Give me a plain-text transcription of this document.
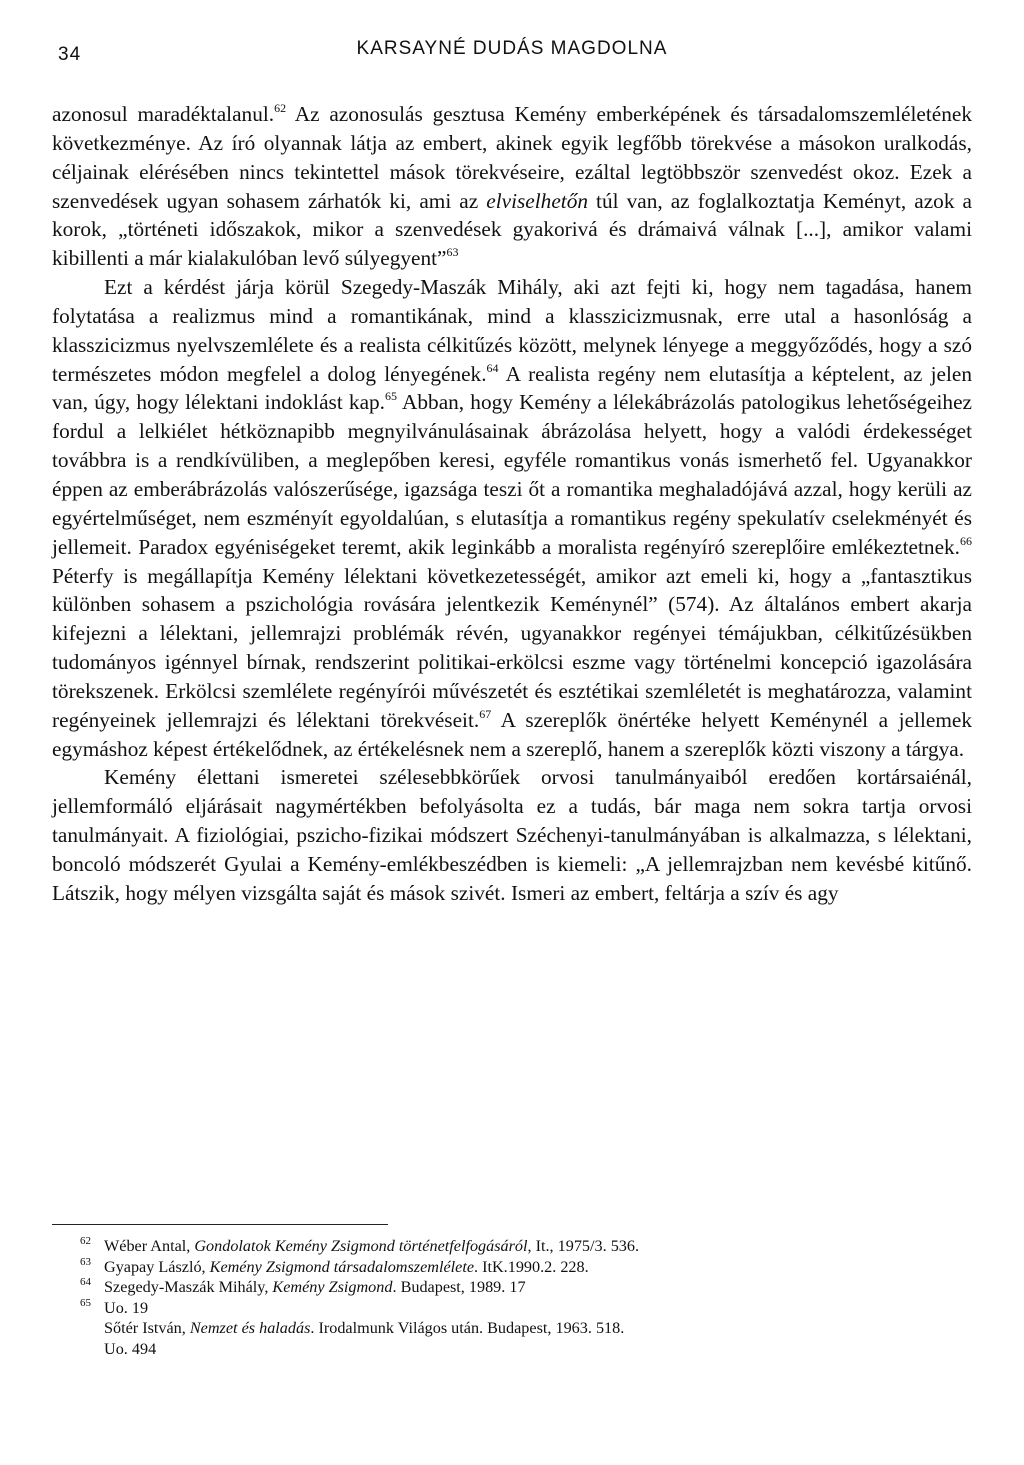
34	KARSAYNÉ DUDÁS MAGDOLNA

azonosul maradéktalanul.$^{62}$ Az azonosulás gesztusa Kemény emberképének és társadalomszemléletének következménye. Az író olyannak látja az embert, akinek egyik legfőbb törekvése a másokon uralkodás, céljainak elérésében nincs tekintettel mások törekvéseire, ezáltal legtöbbször szenvedést okoz. Ezek a szenvedések ugyan sohasem zárhatók ki, ami az elviselhetőn túl van, az foglalkoztatja Keményt, azok a korok, „történeti időszakok, mikor a szenvedések gyakorivá és drámaivá válnak [...], amikor valami kibillenti a már kialakulóban levő súlyegyent”$^{63}$

Ezt a kérdést járja körül Szegedy-Maszák Mihály, aki azt fejti ki, hogy nem tagadása, hanem folytatása a realizmus mind a romantikának, mind a klasszicizmusnak, erre utal a hasonlóság a klasszicizmus nyelvszemlélete és a realista célkitűzés között, melynek lényege a meggyőződés, hogy a szó természetes módon megfelel a dolog lényegének.$^{64}$ A realista regény nem elutasítja a képtelent, az jelen van, úgy, hogy lélektani indoklást kap.$^{65}$ Abban, hogy Kemény a lélekábrázolás patologikus lehetőségeihez fordul a lelkiélet hétköznapibb megnyilvánulásainak ábrázolása helyett, hogy a valódi érdekességet továbbra is a rendkívüliben, a meglepőben keresi, egyféle romantikus vonás ismerhető fel. Ugyanakkor éppen az emberábrázolás valószerűsége, igazsága teszi őt a romantika meghaladójává azzal, hogy kerüli az egyértelműséget, nem eszményít egyoldalúan, s elutasítja a romantikus regény spekulatív cselekményét és jellemeit. Paradox egyéniségeket teremt, akik leginkább a moralista regényíró szereplőire emlékeztetnek.$^{66}$ Péterfy is megállapítja Kemény lélektani következetességét, amikor azt emeli ki, hogy a „fantasztikus különben sohasem a pszichológia rovására jelentkezik Keménynél” (574). Az általános embert akarja kifejezni a lélektani, jellemrajzi problémák révén, ugyanakkor regényei témájukban, célkitűzésükben tudományos igénnyel bírnak, rendszerint politikai-erkölcsi eszme vagy történelmi koncepció igazolására törekszenek. Erkölcsi szemlélete regényírói művészetét és esztétikai szemléletét is meghatározza, valamint regényeinek jellemrajzi és lélektani törekvéseit.$^{67}$ A szereplők önértéke helyett Keménynél a jellemek egymáshoz képest értékelődnek, az értékelésnek nem a szereplő, hanem a szereplők közti viszony a tárgya.

Kemény élettani ismeretei szélesebbkörűek orvosi tanulmányaiból eredően kortársaiénál, jellemformáló eljárásait nagymértékben befolyásolta ez a tudás, bár maga nem sokra tartja orvosi tanulmányait. A fiziológiai, pszicho-fizikai módszert Széchenyi-tanulmányában is alkalmazza, s lélektani, boncoló módszerét Gyulai a Kemény-emlékbeszédben is kiemeli: „A jellemrajzban nem kevésbé kitűnő. Látszik, hogy mélyen vizsgálta saját és mások szivét. Ismeri az embert, feltárja a szív és agy

62 Wéber Antal, Gondolatok Kemény Zsigmond történetfelfogásáról, It., 1975/3. 536.
63 Gyapay László, Kemény Zsigmond társadalomszemlélete. ItK.1990.2. 228.
64 Szegedy-Maszák Mihály, Kemény Zsigmond. Budapest, 1989. 17
65 Uo. 19
Sőtér István, Nemzet és haladás. Irodalmunk Világos után. Budapest, 1963. 518.
Uo. 494
